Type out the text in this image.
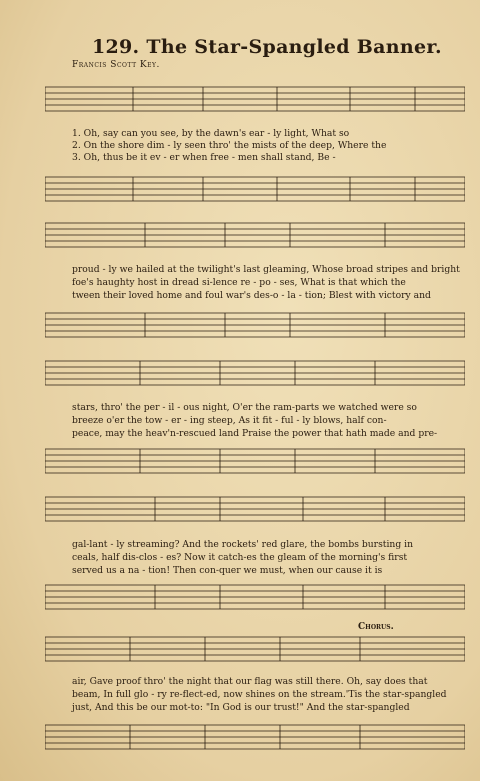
129. The Star-Spangled Banner.
Francis Scott Key.
1. Oh, say can you see, by the dawn's ear - ly light, What so
2. On the shore dim - ly seen thro' the mists of the deep, Where the
3. Oh, thus be it ev - er when free - men shall stand, Be -
proud - ly we hailed at the twilight's last gleaming, Whose broad stripes and bright
foe's haughty host in dread si-lence re - po - ses, What is that which the
tween their loved home and foul war's des-o - la - tion; Blest with victory and
stars, thro' the per - il - ous night, O'er the ram-parts we watched were so
breeze o'er the tow - er - ing steep, As it fit - ful - ly blows, half con-
peace, may the heav'n-rescued land Praise the power that hath made and pre-
gal-lant - ly streaming? And the rockets' red glare, the bombs bursting in
ceals, half dis-clos - es? Now it catch-es the gleam of the morning's first
served us a na - tion! Then con-quer we must, when our cause it is
Chorus.
air, Gave proof thro' the night that our flag was still there. Oh, say does that
beam, In full glo - ry re-flect-ed, now shines on the stream.'Tis the star-spangled
just, And this be our mot-to: "In God is our trust!" And the star-spangled
